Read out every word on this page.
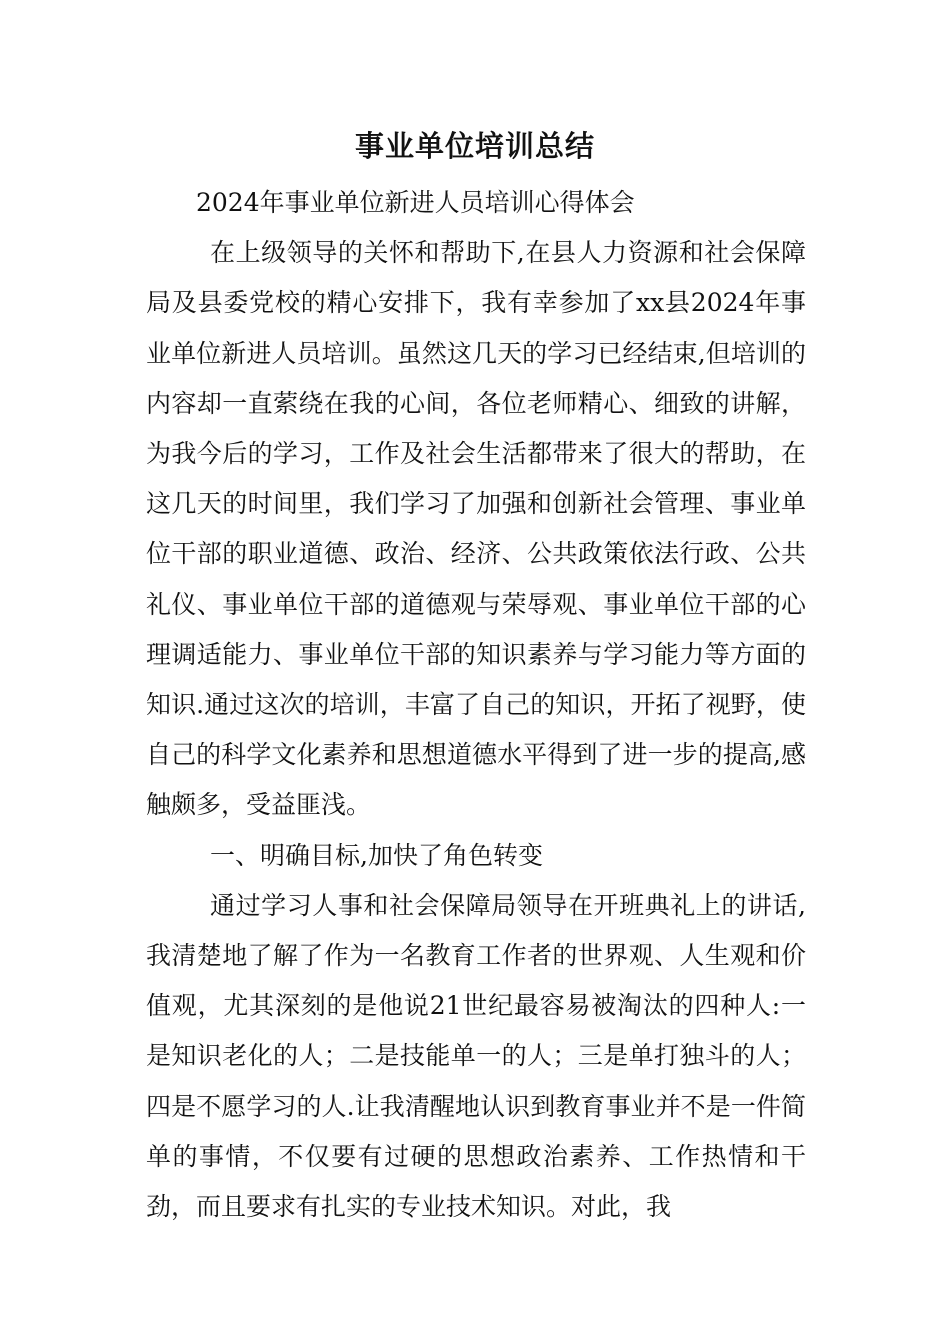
事业单位培训总结

2024年事业单位新进人员培训心得体会

在上级领导的关怀和帮助下,在县人力资源和社会保障局及县委党校的精心安排下，我有幸参加了xx县2024年事业单位新进人员培训。虽然这几天的学习已经结束,但培训的内容却一直萦绕在我的心间，各位老师精心、细致的讲解，为我今后的学习，工作及社会生活都带来了很大的帮助，在这几天的时间里，我们学习了加强和创新社会管理、事业单位干部的职业道德、政治、经济、公共政策依法行政、公共礼仪、事业单位干部的道德观与荣辱观、事业单位干部的心理调适能力、事业单位干部的知识素养与学习能力等方面的知识.通过这次的培训，丰富了自己的知识，开拓了视野，使自己的科学文化素养和思想道德水平得到了进一步的提高,感触颇多，受益匪浅。

一、明确目标,加快了角色转变

通过学习人事和社会保障局领导在开班典礼上的讲话,我清楚地了解了作为一名教育工作者的世界观、人生观和价值观，尤其深刻的是他说21世纪最容易被淘汰的四种人:一是知识老化的人；二是技能单一的人；三是单打独斗的人；四是不愿学习的人.让我清醒地认识到教育事业并不是一件简单的事情，不仅要有过硬的思想政治素养、工作热情和干劲，而且要求有扎实的专业技术知识。对此，我
